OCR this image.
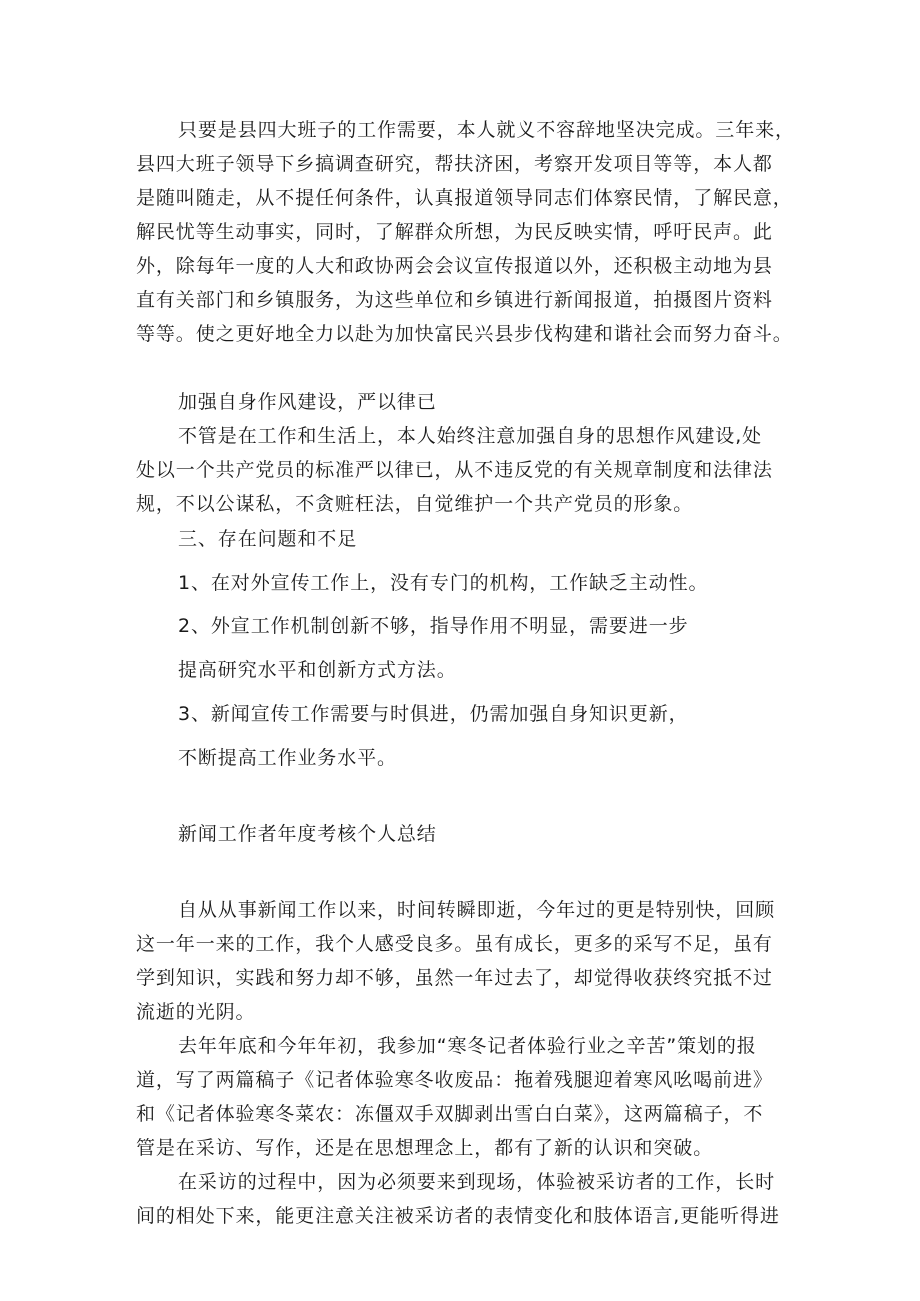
只要是县四大班子的工作需要，本人就义不容辞地坚决完成。三年来，
县四大班子领导下乡搞调查研究，帮扶济困，考察开发项目等等，本人都
是随叫随走，从不提任何条件，认真报道领导同志们体察民情，了解民意，
解民忧等生动事实，同时，了解群众所想，为民反映实情，呼吁民声。此
外，除每年一度的人大和政协两会会议宣传报道以外，还积极主动地为县
直有关部门和乡镇服务，为这些单位和乡镇进行新闻报道，拍摄图片资料
等等。使之更好地全力以赴为加快富民兴县步伐构建和谐社会而努力奋斗。
加强自身作风建设，严以律已
不管是在工作和生活上，本人始终注意加强自身的思想作风建设,处
处以一个共产党员的标准严以律已，从不违反党的有关规章制度和法律法
规，不以公谋私，不贪赃枉法，自觉维护一个共产党员的形象。
三、存在问题和不足
1、在对外宣传工作上，没有专门的机构，工作缺乏主动性。
2、外宣工作机制创新不够，指导作用不明显，需要进一步
提高研究水平和创新方式方法。
3、新闻宣传工作需要与时俱进，仍需加强自身知识更新，
不断提高工作业务水平。
新闻工作者年度考核个人总结
自从从事新闻工作以来，时间转瞬即逝，今年过的更是特别快，回顾
这一年一来的工作，我个人感受良多。虽有成长，更多的采写不足，虽有
学到知识，实践和努力却不够，虽然一年过去了，却觉得收获终究抵不过
流逝的光阴。
去年年底和今年年初，我参加“寒冬记者体验行业之辛苦”策划的报
道，写了两篇稿子《记者体验寒冬收废品：拖着残腿迎着寒风吆喝前进》
和《记者体验寒冬菜农：冻僵双手双脚剥出雪白白菜》，这两篇稿子，不
管是在采访、写作，还是在思想理念上，都有了新的认识和突破。
在采访的过程中，因为必须要来到现场，体验被采访者的工作，长时
间的相处下来，能更注意关注被采访者的表情变化和肢体语言,更能听得进
